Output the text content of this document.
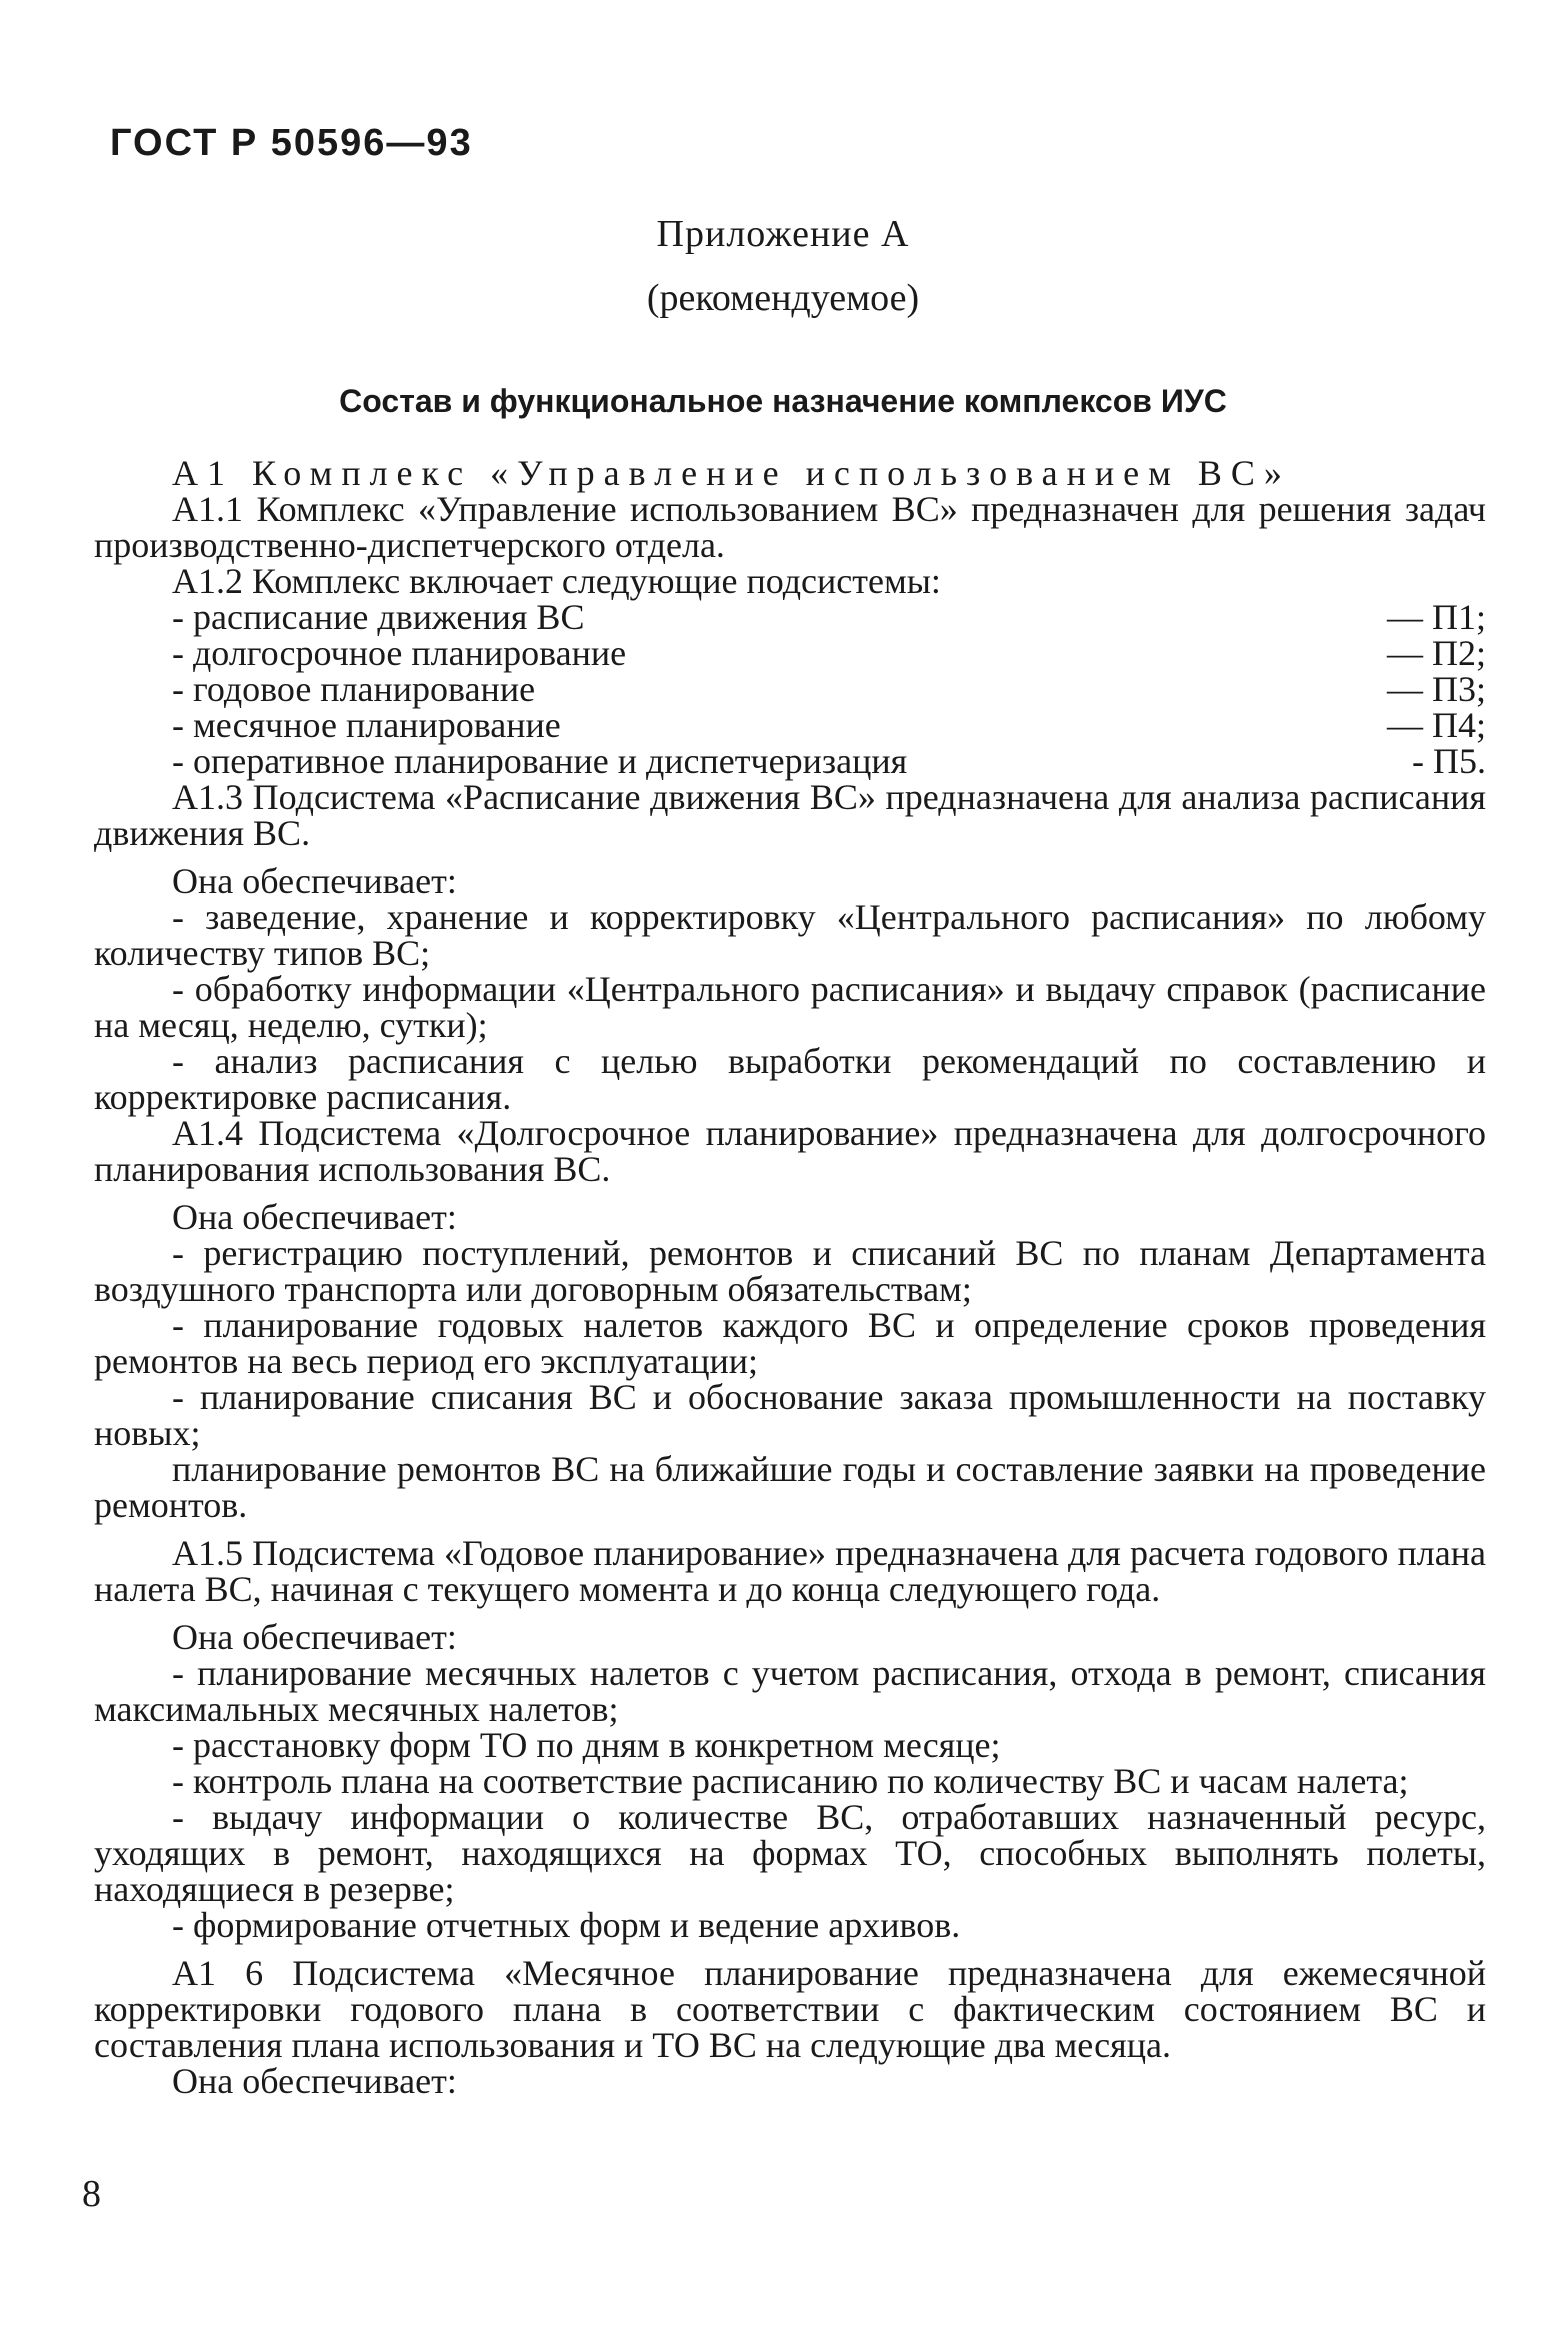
ГОСТ Р 50596—93
Приложение А
(рекомендуемое)
Состав и функциональное назначение комплексов ИУС

А1 Комплекс «Управление использованием ВС»

А1.1 Комплекс «Управление использованием ВС» предназначен для решения задач производственно-диспетчерского отдела.

А1.2 Комплекс включает следующие подсистемы:

- расписание движения ВС	— П1;
- долгосрочное планирование	— П2;
- годовое планирование	— П3;
- месячное планирование	— П4;
- оперативное планирование и диспетчеризация	- П5.

А1.3 Подсистема «Расписание движения ВС» предназначена для анализа расписания движения ВС.

Она обеспечивает:

- заведение, хранение и корректировку «Центрального расписания» по любому количеству типов ВС;

- обработку информации «Центрального расписания» и выдачу справок (расписание на месяц, неделю, сутки);

- анализ расписания с целью выработки рекомендаций по составлению и корректировке расписания.

А1.4 Подсистема «Долгосрочное планирование» предназначена для долгосрочного планирования использования ВС.

Она обеспечивает:

- регистрацию поступлений, ремонтов и списаний ВС по планам Департамента воздушного транспорта или договорным обязательствам;

- планирование годовых налетов каждого ВС и определение сроков проведения ремонтов на весь период его эксплуатации;

- планирование списания ВС и обоснование заказа промышленности на поставку новых;

планирование ремонтов ВС на ближайшие годы и составление заявки на проведение ремонтов.

А1.5 Подсистема «Годовое планирование» предназначена для расчета годового плана налета ВС, начиная с текущего момента и до конца следующего года.

Она обеспечивает:

- планирование месячных налетов с учетом расписания, отхода в ремонт, списания максимальных месячных налетов;

- расстановку форм ТО по дням в конкретном месяце;

- контроль плана на соответствие расписанию по количеству ВС и часам налета;

- выдачу информации о количестве ВС, отработавших назначенный ресурс, уходящих в ремонт, находящихся на формах ТО, способных выполнять полеты, находящиеся в резерве;

- формирование отчетных форм и ведение архивов.

А1 6 Подсистема «Месячное планирование предназначена для ежемесячной корректировки годового плана в соответствии с фактическим состоянием ВС и составления плана использования и ТО ВС на следующие два месяца.

Она обеспечивает:

8
